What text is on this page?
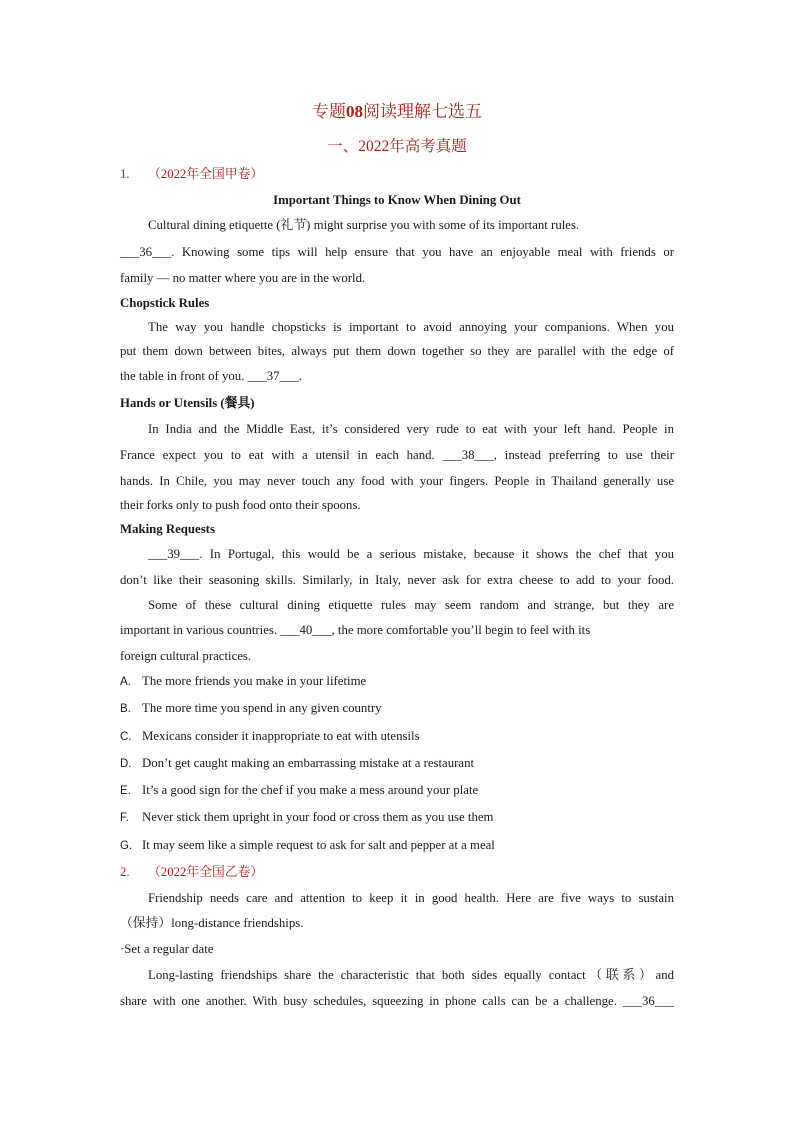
专题08阅读理解七选五
一、2022年高考真题
1. （2022年全国甲卷）
Important Things to Know When Dining Out
Cultural dining etiquette (礼节) might surprise you with some of its important rules.
___36___. Knowing some tips will help ensure that you have an enjoyable meal with friends or
family — no matter where you are in the world.
Chopstick Rules
The way you handle chopsticks is important to avoid annoying your companions. When you
put them down between bites, always put them down together so they are parallel with the edge of
the table in front of you. ___37___.
Hands or Utensils (餐具)
In India and the Middle East, it’s considered very rude to eat with your left hand. People in
France expect you to eat with a utensil in each hand. ___38___, instead preferring to use their
hands. In Chile, you may never touch any food with your fingers. People in Thailand generally use
their forks only to push food onto their spoons.
Making Requests
___39___. In Portugal, this would be a serious mistake, because it shows the chef that you
don’t like their seasoning skills. Similarly, in Italy, never ask for extra cheese to add to your food.
Some of these cultural dining etiquette rules may seem random and strange, but they are
important in various countries. ___40___, the more comfortable you’ll begin to feel with its
foreign cultural practices.
A. The more friends you make in your lifetime
B. The more time you spend in any given country
C. Mexicans consider it inappropriate to eat with utensils
D. Don’t get caught making an embarrassing mistake at a restaurant
E. It’s a good sign for the chef if you make a mess around your plate
F. Never stick them upright in your food or cross them as you use them
G. It may seem like a simple request to ask for salt and pepper at a meal
2. （2022年全国乙卷）
Friendship needs care and attention to keep it in good health. Here are five ways to sustain
（保持）long-distance friendships.
·Set a regular date
Long-lasting friendships share the characteristic that both sides equally contact（联系）and
share with one another. With busy schedules, squeezing in phone calls can be a challenge. ___36___
